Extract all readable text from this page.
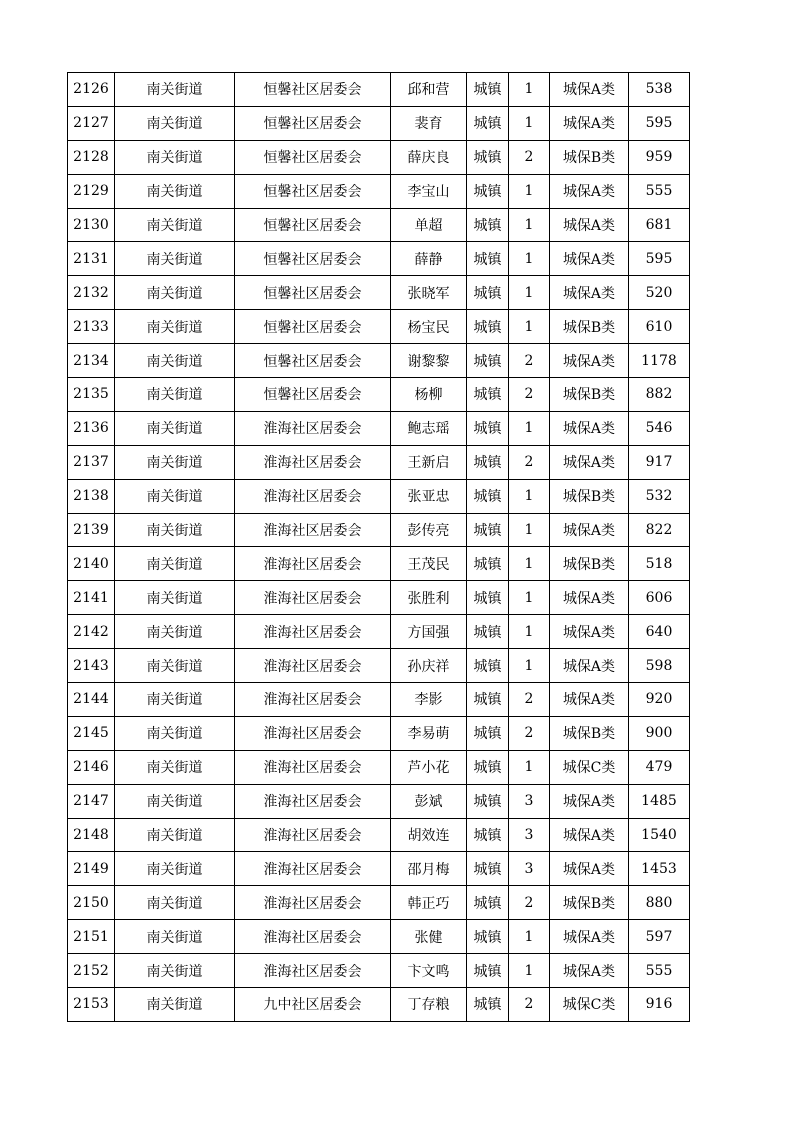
2126	南关街道	恒馨社区居委会	邱和营	城镇	1	城保A类	538
2127	南关街道	恒馨社区居委会	裴育	城镇	1	城保A类	595
2128	南关街道	恒馨社区居委会	薛庆良	城镇	2	城保B类	959
2129	南关街道	恒馨社区居委会	李宝山	城镇	1	城保A类	555
2130	南关街道	恒馨社区居委会	单超	城镇	1	城保A类	681
2131	南关街道	恒馨社区居委会	薛静	城镇	1	城保A类	595
2132	南关街道	恒馨社区居委会	张晓军	城镇	1	城保A类	520
2133	南关街道	恒馨社区居委会	杨宝民	城镇	1	城保B类	610
2134	南关街道	恒馨社区居委会	谢黎黎	城镇	2	城保A类	1178
2135	南关街道	恒馨社区居委会	杨柳	城镇	2	城保B类	882
2136	南关街道	淮海社区居委会	鲍志瑶	城镇	1	城保A类	546
2137	南关街道	淮海社区居委会	王新启	城镇	2	城保A类	917
2138	南关街道	淮海社区居委会	张亚忠	城镇	1	城保B类	532
2139	南关街道	淮海社区居委会	彭传亮	城镇	1	城保A类	822
2140	南关街道	淮海社区居委会	王茂民	城镇	1	城保B类	518
2141	南关街道	淮海社区居委会	张胜利	城镇	1	城保A类	606
2142	南关街道	淮海社区居委会	方国强	城镇	1	城保A类	640
2143	南关街道	淮海社区居委会	孙庆祥	城镇	1	城保A类	598
2144	南关街道	淮海社区居委会	李影	城镇	2	城保A类	920
2145	南关街道	淮海社区居委会	李易萌	城镇	2	城保B类	900
2146	南关街道	淮海社区居委会	芦小花	城镇	1	城保C类	479
2147	南关街道	淮海社区居委会	彭斌	城镇	3	城保A类	1485
2148	南关街道	淮海社区居委会	胡效连	城镇	3	城保A类	1540
2149	南关街道	淮海社区居委会	邵月梅	城镇	3	城保A类	1453
2150	南关街道	淮海社区居委会	韩正巧	城镇	2	城保B类	880
2151	南关街道	淮海社区居委会	张健	城镇	1	城保A类	597
2152	南关街道	淮海社区居委会	卞文鸣	城镇	1	城保A类	555
2153	南关街道	九中社区居委会	丁存粮	城镇	2	城保C类	916
